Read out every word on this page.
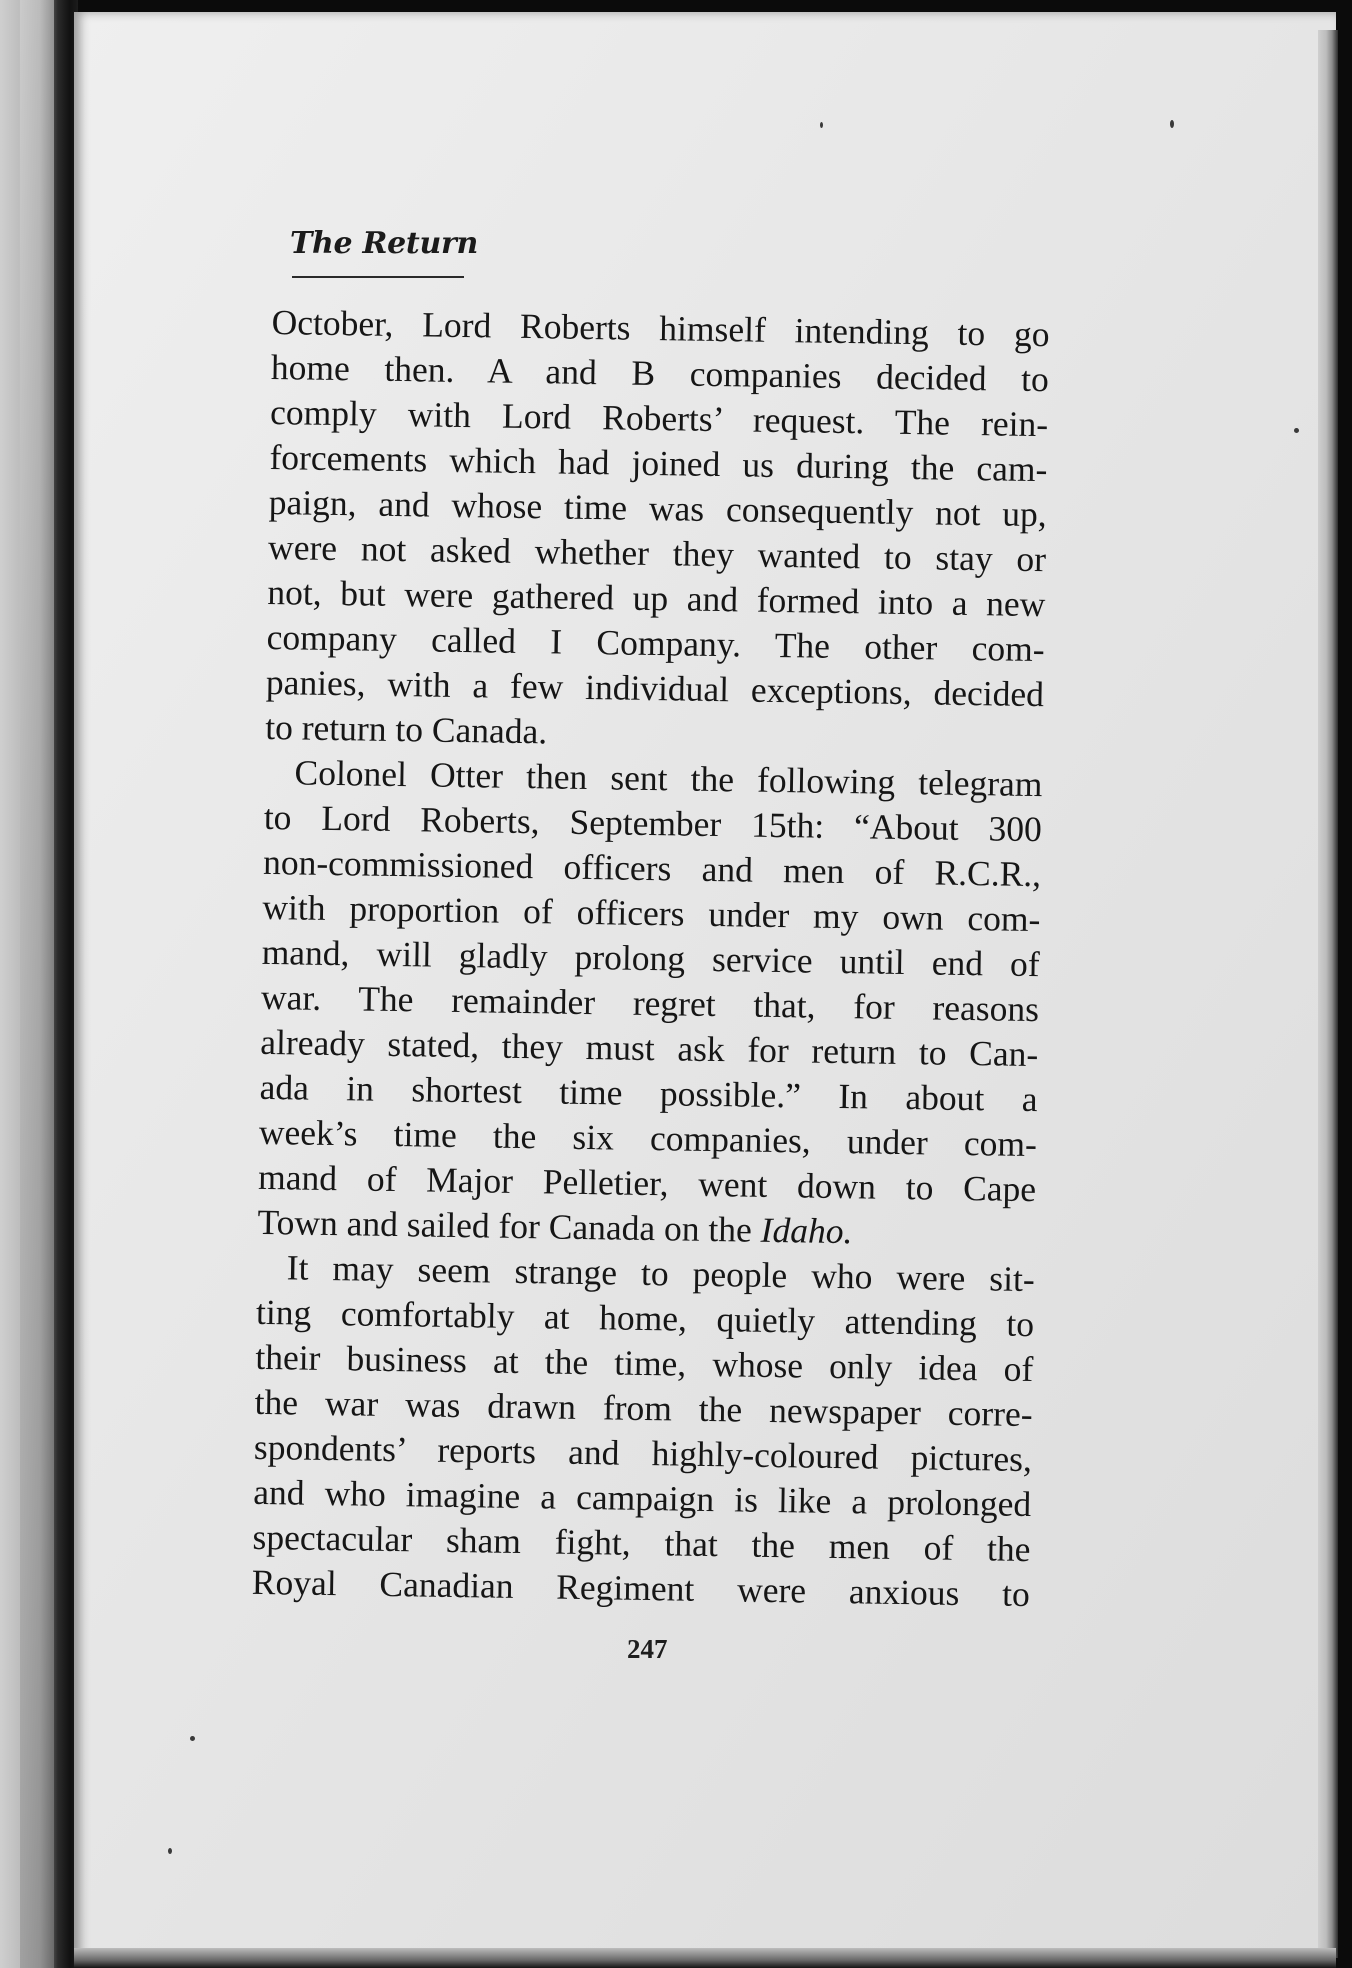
The Return

October, Lord Roberts himself intending to go
home then. A and B companies decided to
comply with Lord Roberts’ request. The rein-
forcements which had joined us during the cam-
paign, and whose time was consequently not up,
were not asked whether they wanted to stay or
not, but were gathered up and formed into a new
company called I Company. The other com-
panies, with a few individual exceptions, decided
to return to Canada.

Colonel Otter then sent the following telegram
to Lord Roberts, September 15th: “About 300
non-commissioned officers and men of R.C.R.,
with proportion of officers under my own com-
mand, will gladly prolong service until end of
war. The remainder regret that, for reasons
already stated, they must ask for return to Can-
ada in shortest time possible.” In about a
week’s time the six companies, under com-
mand of Major Pelletier, went down to Cape
Town and sailed for Canada on the Idaho.

It may seem strange to people who were sit-
ting comfortably at home, quietly attending to
their business at the time, whose only idea of
the war was drawn from the newspaper corre-
spondents’ reports and highly-coloured pictures,
and who imagine a campaign is like a prolonged
spectacular sham fight, that the men of the
Royal Canadian Regiment were anxious to

247
